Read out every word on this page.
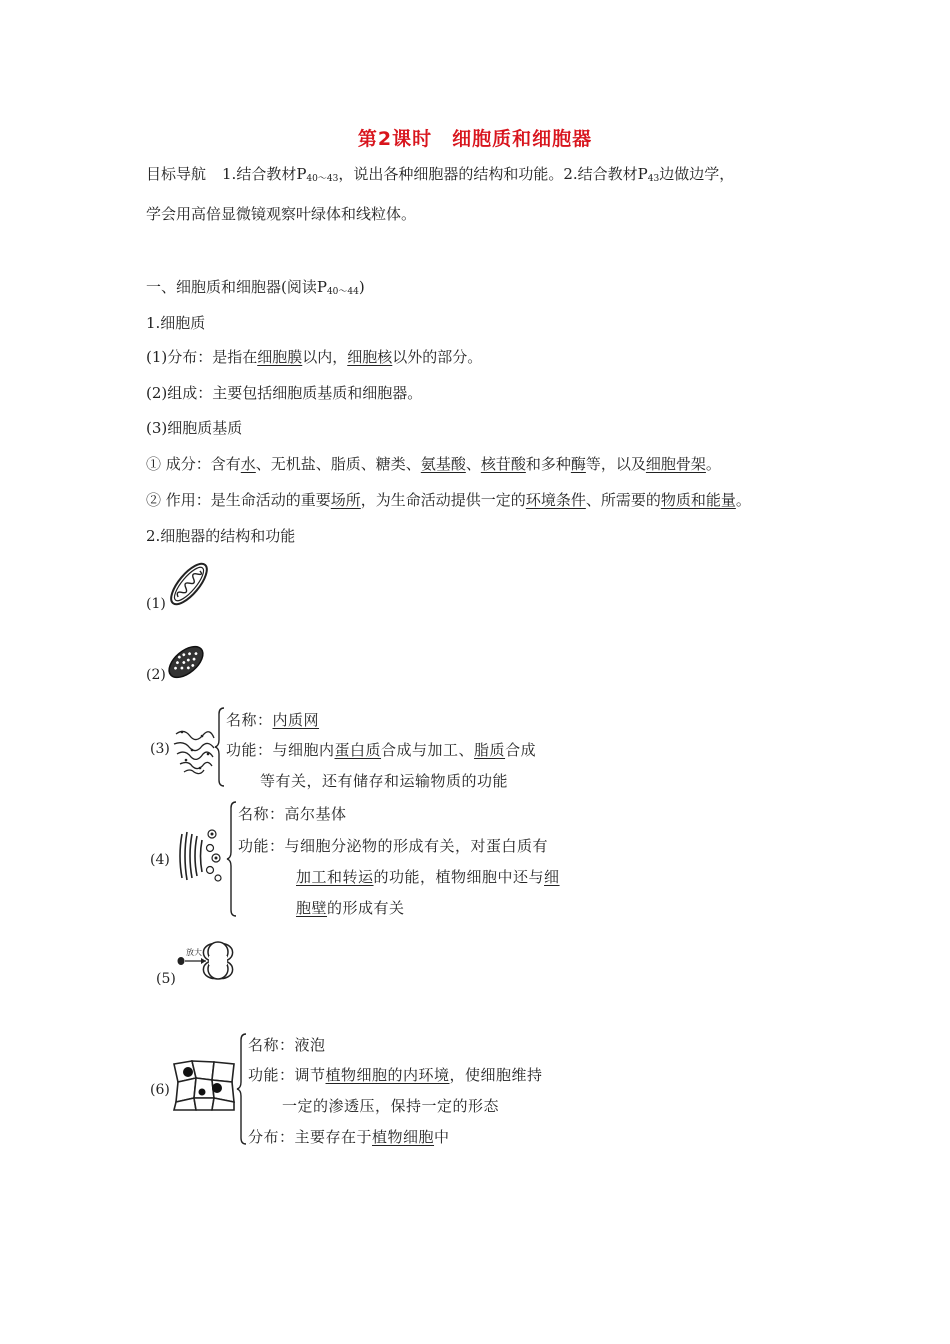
第2课时　细胞质和细胞器
目标导航 1.结合教材$P_{40\sim 43}$，说出各种细胞器的结构和功能。2.结合教材$P_{43}$边做边学，
学会用高倍显微镜观察叶绿体和线粒体。
一、细胞质和细胞器(阅读$P_{40\sim 44}$)
1.细胞质
(1)分布：是指在细胞膜以内，细胞核以外的部分。
(2)组成：主要包括细胞质基质和细胞器。
(3)细胞质基质
① 成分：含有水、无机盐、脂质、糖类、氨基酸、核苷酸和多种酶等，以及细胞骨架。
② 作用：是生命活动的重要场所，为生命活动提供一定的环境条件、所需要的物质和能量。
2.细胞器的结构和功能
(1)
(2)
(3)
名称：内质网
功能：与细胞内蛋白质合成与加工、脂质合成
等有关，还有储存和运输物质的功能
(4)
名称：高尔基体
功能：与细胞分泌物的形成有关，对蛋白质有
加工和转运的功能，植物细胞中还与细
胞壁的形成有关
(5)
放大
(6)
名称：液泡
功能：调节植物细胞的内环境，使细胞维持
一定的渗透压，保持一定的形态
分布：主要存在于植物细胞中
